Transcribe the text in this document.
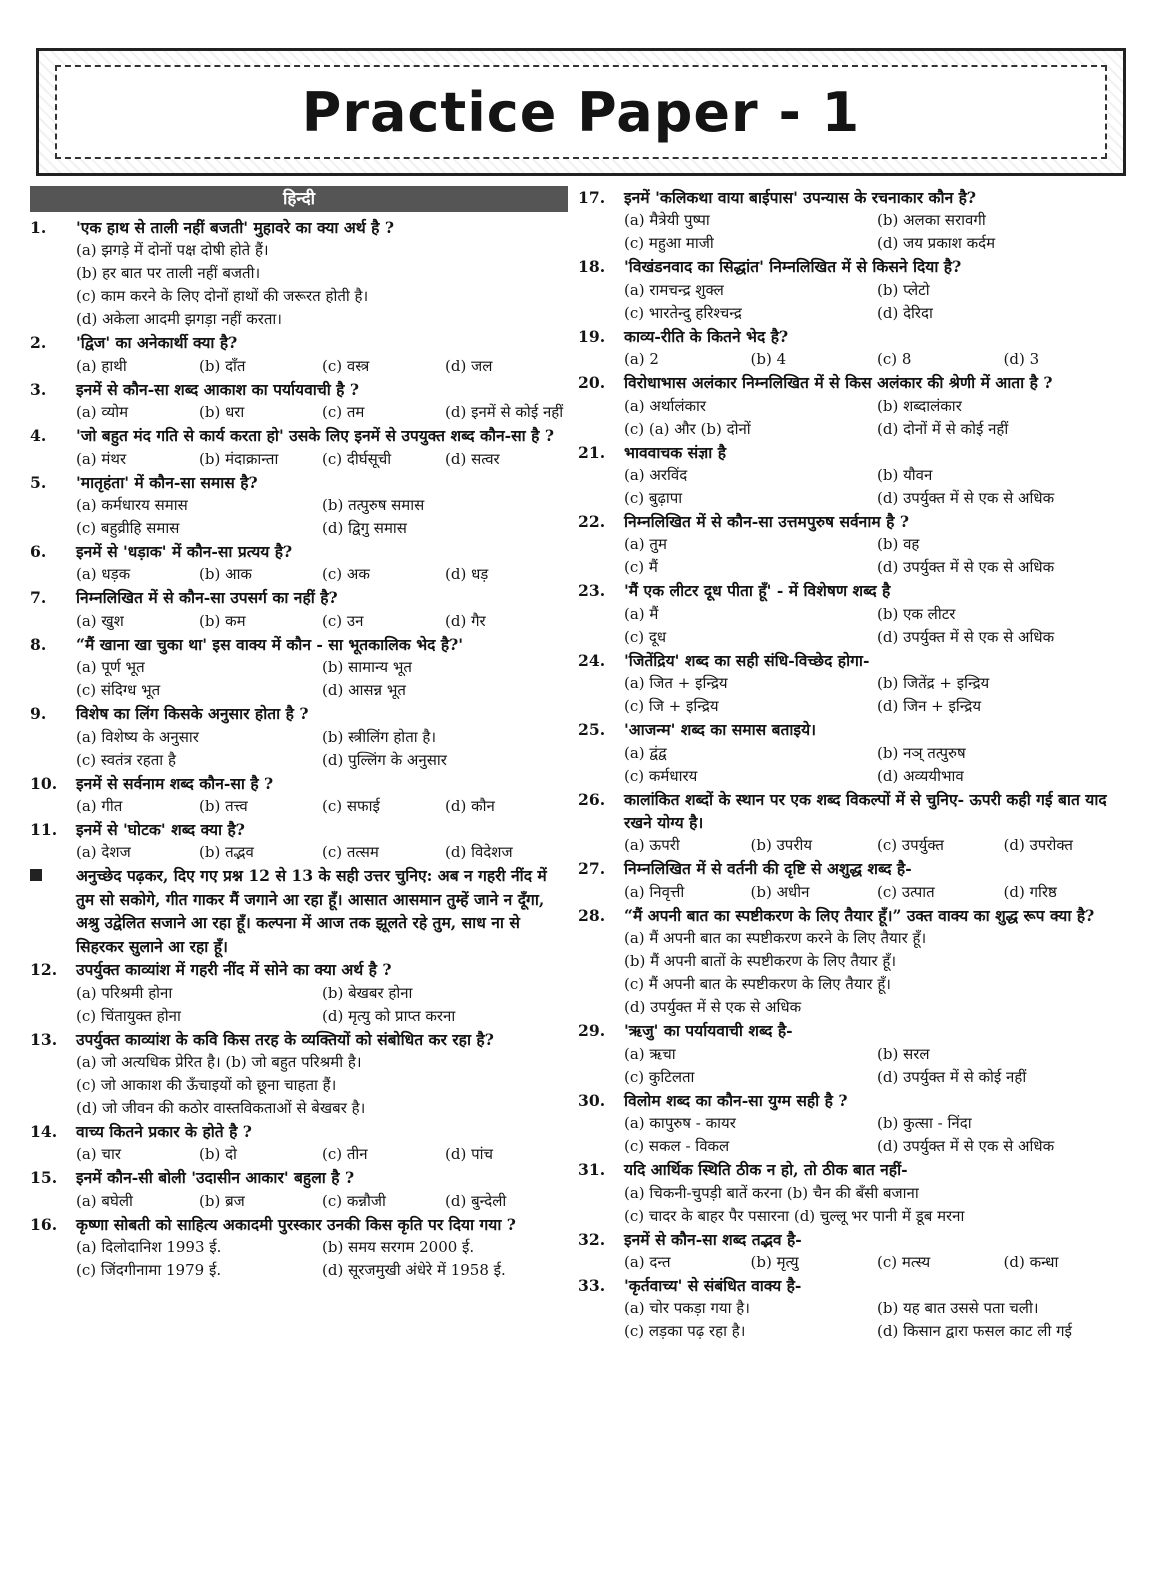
Practice Paper - 1
हिन्दी
1.	'एक हाथ से ताली नहीं बजती' मुहावरे का क्या अर्थ है ?
(a) झगड़े में दोनों पक्ष दोषी होते हैं।
(b) हर बात पर ताली नहीं बजती।
(c) काम करने के लिए दोनों हाथों की जरूरत होती है।
(d) अकेला आदमी झगड़ा नहीं करता।
2.	'द्विज' का अनेकार्थी क्या है?
(a) हाथी	(b) दाँत	(c) वस्त्र	(d) जल
3.	इनमें से कौन-सा शब्द आकाश का पर्यायवाची है ?
(a) व्योम	(b) धरा	(c) तम	(d) इनमें से कोई नहीं
4.	'जो बहुत मंद गति से कार्य करता हो' उसके लिए इनमें से उपयुक्त शब्द कौन-सा है ?
(a) मंथर	(b) मंदाक्रान्ता	(c) दीर्घसूची	(d) सत्वर
5.	'मातृहंता' में कौन-सा समास है?
(a) कर्मधारय समास	(b) तत्पुरुष समास
(c) बहुव्रीहि समास	(d) द्विगु समास
6.	इनमें से 'धड़ाक' में कौन-सा प्रत्यय है?
(a) धड़क	(b) आक	(c) अक	(d) धड़
7.	निम्नलिखित में से कौन-सा उपसर्ग का नहीं है?
(a) खुश	(b) कम	(c) उन	(d) गैर
8.	“मैं खाना खा चुका था' इस वाक्य में कौन - सा भूतकालिक भेद है?'
(a) पूर्ण भूत	(b) सामान्य भूत
(c) संदिग्ध भूत	(d) आसन्न भूत
9.	विशेष का लिंग किसके अनुसार होता है ?
(a) विशेष्य के अनुसार	(b) स्त्रीलिंग होता है।
(c) स्वतंत्र रहता है	(d) पुल्लिंग के अनुसार
10.	इनमें से सर्वनाम शब्द कौन-सा है ?
(a) गीत	(b) तत्त्व	(c) सफाई	(d) कौन
11.	इनमें से 'घोटक' शब्द क्या है?
(a) देशज	(b) तद्भव	(c) तत्सम	(d) विदेशज
अनुच्छेद पढ़कर, दिए गए प्रश्न 12 से 13 के सही उत्तर चुनिए: अब न गहरी नींद में तुम सो सकोगे, गीत गाकर मैं जगाने आ रहा हूँ। आसात आसमान तुम्हें जाने न दूँगा, अश्रु उद्वेलित सजाने आ रहा हूँ। कल्पना में आज तक झूलते रहे तुम, साध ना से सिहरकर सुलाने आ रहा हूँ।
12.	उपर्युक्त काव्यांश में गहरी नींद में सोने का क्या अर्थ है ?
(a) परिश्रमी होना	(b) बेखबर होना
(c) चिंतायुक्त होना	(d) मृत्यु को प्राप्त करना
13.	उपर्युक्त काव्यांश के कवि किस तरह के व्यक्तियों को संबोधित कर रहा है?
(a) जो अत्यधिक प्रेरित है। (b) जो बहुत परिश्रमी है।
(c) जो आकाश की ऊँचाइयों को छूना चाहता हैं।
(d) जो जीवन की कठोर वास्तविकताओं से बेखबर है।
14.	वाच्य कितने प्रकार के होते है ?
(a) चार	(b) दो	(c) तीन	(d) पांच
15.	इनमें कौन-सी बोली 'उदासीन आकार' बहुला है ?
(a) बघेली	(b) ब्रज	(c) कन्नौजी	(d) बुन्देली
16.	कृष्णा सोबती को साहित्य अकादमी पुरस्कार उनकी किस कृति पर दिया गया ?
(a) दिलोदानिश 1993 ई.	(b) समय सरगम 2000 ई.
(c) जिंदगीनामा 1979 ई.	(d) सूरजमुखी अंधेरे में 1958 ई.
17.	इनमें 'कलिकथा वाया बाईपास' उपन्यास के रचनाकार कौन है?
(a) मैत्रेयी पुष्पा	(b) अलका सरावगी
(c) महुआ माजी	(d) जय प्रकाश कर्दम
18.	'विखंडनवाद का सिद्धांत' निम्नलिखित में से किसने दिया है?
(a) रामचन्द्र शुक्ल	(b) प्लेटो
(c) भारतेन्दु हरिश्चन्द्र	(d) देरिदा
19.	काव्य-रीति के कितने भेद है?
(a) 2	(b) 4	(c) 8	(d) 3
20.	विरोधाभास अलंकार निम्नलिखित में से किस अलंकार की श्रेणी में आता है ?
(a) अर्थालंकार	(b) शब्दालंकार
(c) (a) और (b) दोनों	(d) दोनों में से कोई नहीं
21.	भाववाचक संज्ञा है
(a) अरविंद	(b) यौवन
(c) बुढ़ापा	(d) उपर्युक्त में से एक से अधिक
22.	निम्नलिखित में से कौन-सा उत्तमपुरुष सर्वनाम है ?
(a) तुम	(b) वह
(c) मैं	(d) उपर्युक्त में से एक से अधिक
23.	'मैं एक लीटर दूध पीता हूँ' - में विशेषण शब्द है
(a) मैं	(b) एक लीटर
(c) दूध	(d) उपर्युक्त में से एक से अधिक
24.	'जितेंद्रिय' शब्द का सही संधि-विच्छेद होगा-
(a) जित + इन्द्रिय	(b) जितेंद्र + इन्द्रिय
(c) जि + इन्द्रिय	(d) जिन + इन्द्रिय
25.	'आजन्म' शब्द का समास बताइये।
(a) द्वंद्व	(b) नञ् तत्पुरुष
(c) कर्मधारय	(d) अव्ययीभाव
26.	कालांकित शब्दों के स्थान पर एक शब्द विकल्पों में से चुनिए- ऊपरी कही गई बात याद रखने योग्य है।
(a) ऊपरी	(b) उपरीय	(c) उपर्युक्त	(d) उपरोक्त
27.	निम्नलिखित में से वर्तनी की दृष्टि से अशुद्ध शब्द है-
(a) निवृत्ती	(b) अधीन	(c) उत्पात	(d) गरिष्ठ
28.	“मैं अपनी बात का स्पष्टीकरण के लिए तैयार हूँ।” उक्त वाक्य का शुद्ध रूप क्या है?
(a) मैं अपनी बात का स्पष्टीकरण करने के लिए तैयार हूँ।
(b) मैं अपनी बातों के स्पष्टीकरण के लिए तैयार हूँ।
(c) मैं अपनी बात के स्पष्टीकरण के लिए तैयार हूँ।
(d) उपर्युक्त में से एक से अधिक
29.	'ऋजु' का पर्यायवाची शब्द है-
(a) ऋचा	(b) सरल
(c) कुटिलता	(d) उपर्युक्त में से कोई नहीं
30.	विलोम शब्द का कौन-सा युग्म सही है ?
(a) कापुरुष - कायर	(b) कुत्सा - निंदा
(c) सकल - विकल	(d) उपर्युक्त में से एक से अधिक
31.	यदि आर्थिक स्थिति ठीक न हो, तो ठीक बात नहीं-
(a) चिकनी-चुपड़ी बातें करना (b) चैन की बँसी बजाना
(c) चादर के बाहर पैर पसारना (d) चुल्लू भर पानी में डूब मरना
32.	इनमें से कौन-सा शब्द तद्भव है-
(a) दन्त	(b) मृत्यु	(c) मत्स्य	(d) कन्धा
33.	'कृर्तवाच्य' से संबंधित वाक्य है-
(a) चोर पकड़ा गया है।	(b) यह बात उससे पता चली।
(c) लड़का पढ़ रहा है।	(d) किसान द्वारा फसल काट ली गई
